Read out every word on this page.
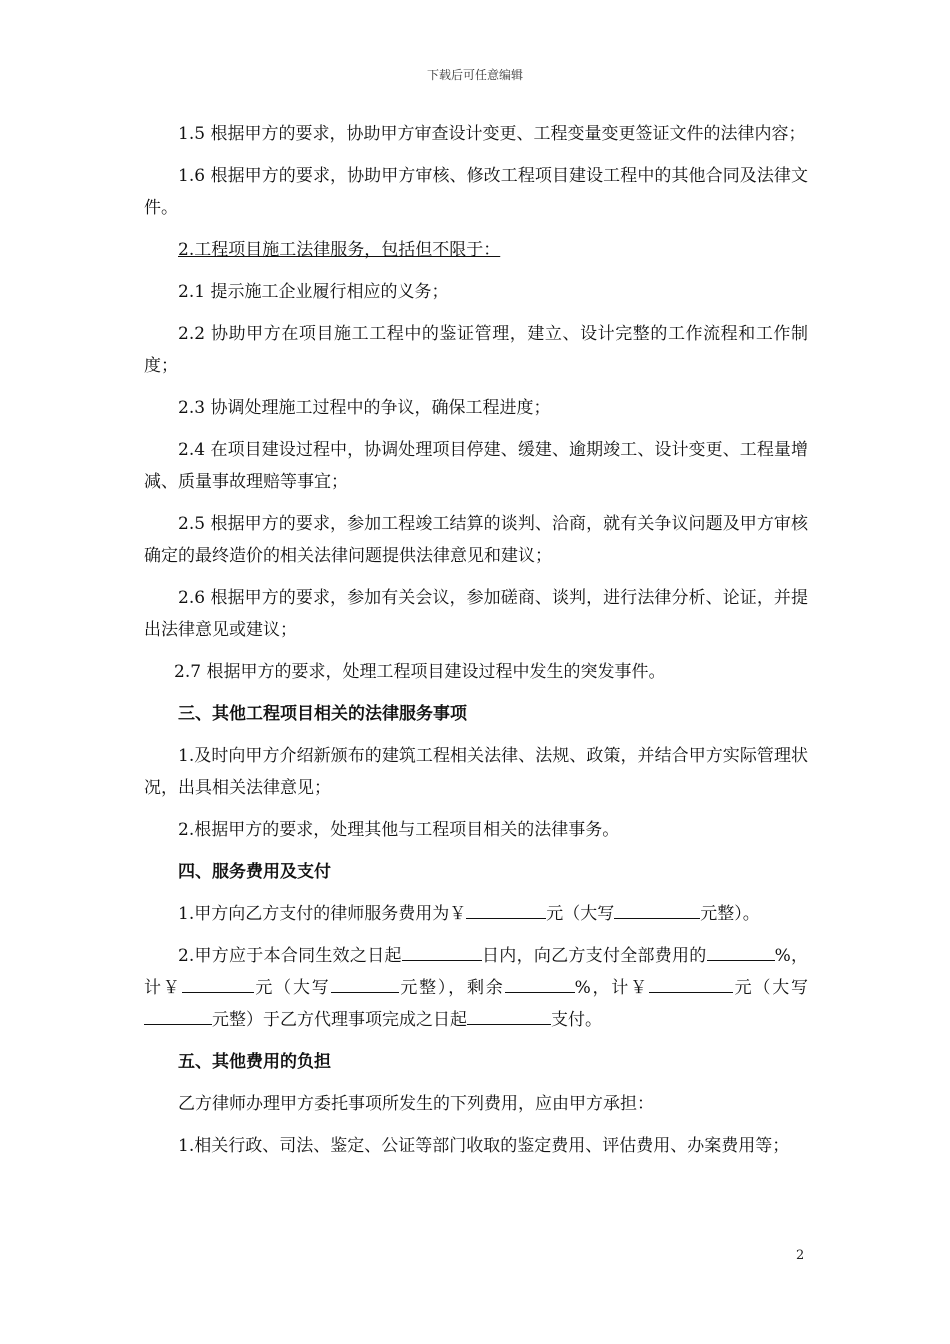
下载后可任意编辑

1.5 根据甲方的要求，协助甲方审查设计变更、工程变量变更签证文件的法律内容；

1.6 根据甲方的要求，协助甲方审核、修改工程项目建设工程中的其他合同及法律文件。

2.工程项目施工法律服务，包括但不限于：

2.1 提示施工企业履行相应的义务；

2.2 协助甲方在项目施工工程中的鉴证管理，建立、设计完整的工作流程和工作制度；

2.3 协调处理施工过程中的争议，确保工程进度；

2.4 在项目建设过程中，协调处理项目停建、缓建、逾期竣工、设计变更、工程量增减、质量事故理赔等事宜；

2.5 根据甲方的要求，参加工程竣工结算的谈判、洽商，就有关争议问题及甲方审核确定的最终造价的相关法律问题提供法律意见和建议；

2.6 根据甲方的要求，参加有关会议，参加磋商、谈判，进行法律分析、论证，并提出法律意见或建议；

2.7 根据甲方的要求，处理工程项目建设过程中发生的突发事件。

三、其他工程项目相关的法律服务事项

1.及时向甲方介绍新颁布的建筑工程相关法律、法规、政策，并结合甲方实际管理状况，出具相关法律意见；

2.根据甲方的要求，处理其他与工程项目相关的法律事务。

四、服务费用及支付

1.甲方向乙方支付的律师服务费用为￥	元（大写	元整）。

2.甲方应于本合同生效之日起	日内，向乙方支付全部费用的	%，计￥	元（大写	元整），剩余	%，计￥	元（大写元整）于乙方代理事项完成之日起	支付。

五、其他费用的负担

乙方律师办理甲方委托事项所发生的下列费用，应由甲方承担：

1.相关行政、司法、鉴定、公证等部门收取的鉴定费用、评估费用、办案费用等；

2
